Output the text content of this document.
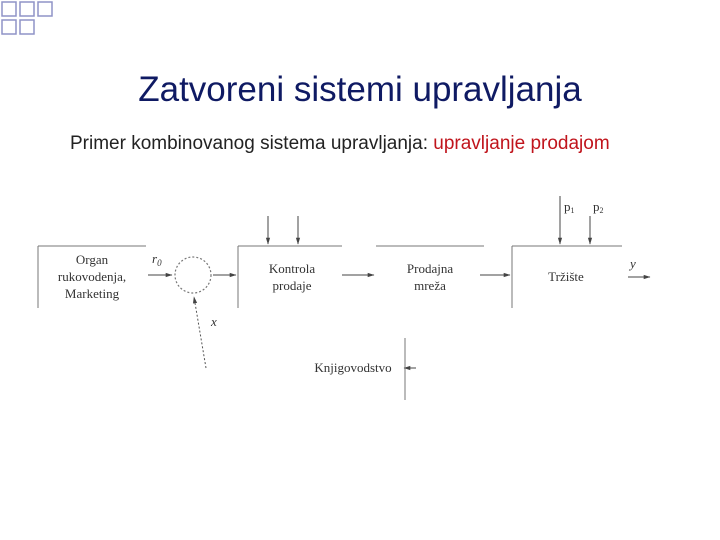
Zatvoreni sistemi upravljanja
Primer kombinovanog sistema upravljanja: upravljanje prodajom
Organ
rukovodenja,
Marketing
$r_0$
x
Kontrola
prodaje
Prodajna
mreža
Tržište
p1 p2
y
Knjigovodstvo
